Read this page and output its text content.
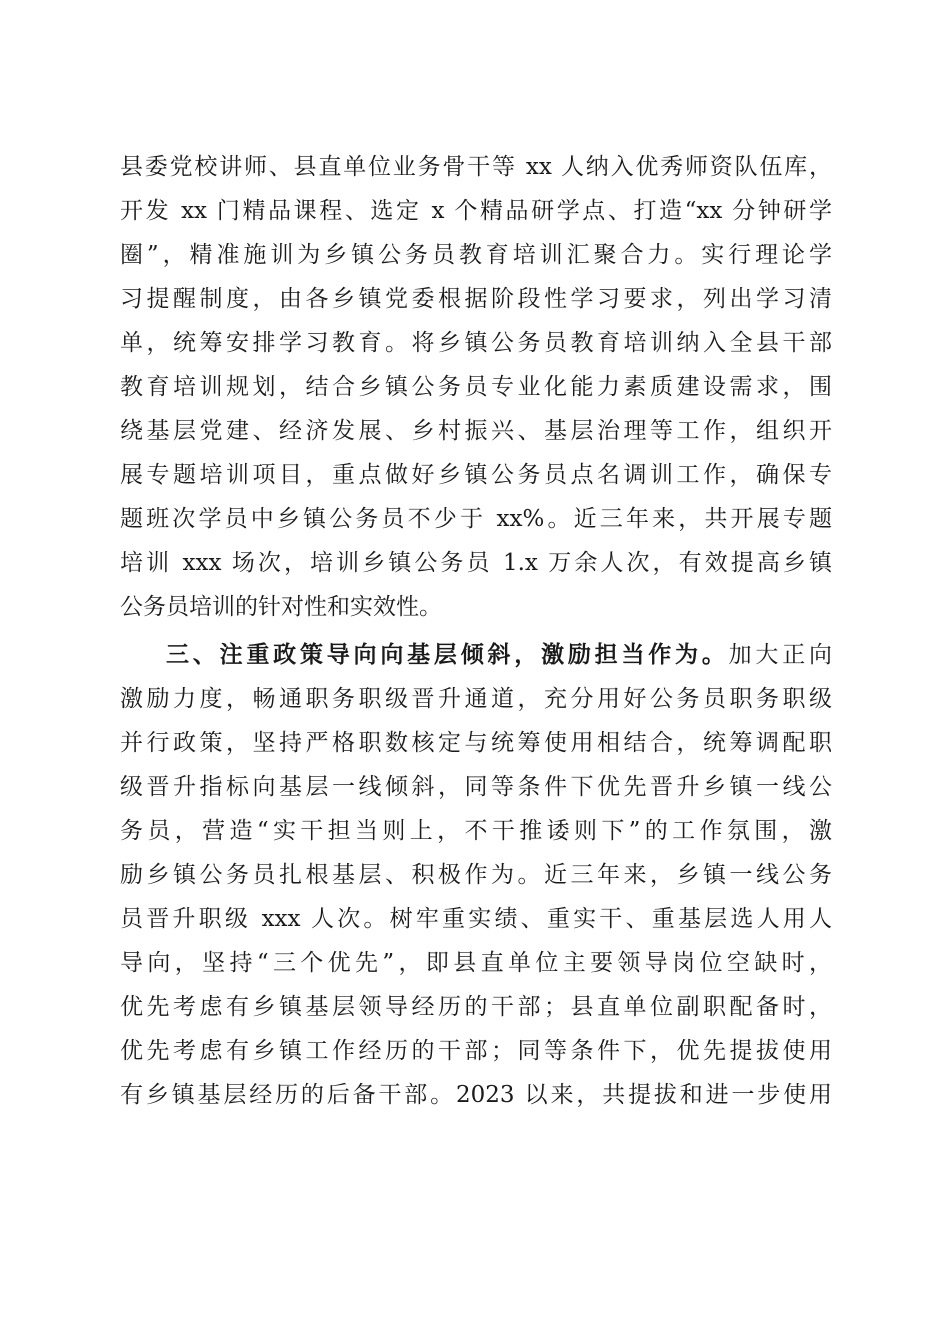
县委党校讲师、县直单位业务骨干等 xx 人纳入优秀师资队伍库，
开发 xx 门精品课程、选定 x 个精品研学点、打造“xx 分钟研学
圈”，精准施训为乡镇公务员教育培训汇聚合力。实行理论学
习提醒制度，由各乡镇党委根据阶段性学习要求，列出学习清
单，统筹安排学习教育。将乡镇公务员教育培训纳入全县干部
教育培训规划，结合乡镇公务员专业化能力素质建设需求，围
绕基层党建、经济发展、乡村振兴、基层治理等工作，组织开
展专题培训项目，重点做好乡镇公务员点名调训工作，确保专
题班次学员中乡镇公务员不少于 xx%。近三年来，共开展专题
培训 xxx 场次，培训乡镇公务员 1.x 万余人次，有效提高乡镇
公务员培训的针对性和实效性。
三、注重政策导向向基层倾斜，激励担当作为。加大正向
激励力度，畅通职务职级晋升通道，充分用好公务员职务职级
并行政策，坚持严格职数核定与统筹使用相结合，统筹调配职
级晋升指标向基层一线倾斜，同等条件下优先晋升乡镇一线公
务员，营造“实干担当则上，不干推诿则下”的工作氛围，激
励乡镇公务员扎根基层、积极作为。近三年来，乡镇一线公务
员晋升职级 xxx 人次。树牢重实绩、重实干、重基层选人用人
导向，坚持“三个优先”，即县直单位主要领导岗位空缺时，
优先考虑有乡镇基层领导经历的干部；县直单位副职配备时，
优先考虑有乡镇工作经历的干部；同等条件下，优先提拔使用
有乡镇基层经历的后备干部。2023 以来，共提拔和进一步使用
